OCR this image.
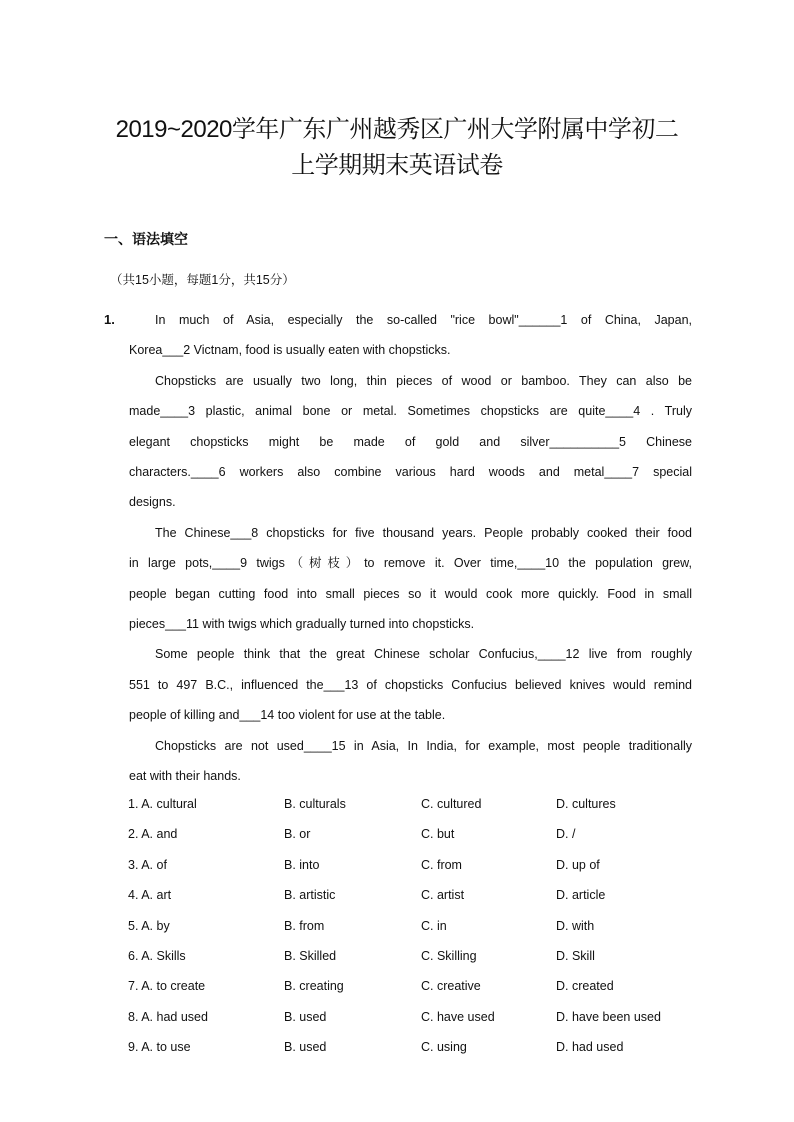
2019~2020学年广东广州越秀区广州大学附属中学初二
上学期期末英语试卷
一、语法填空
（共15小题，每题1分，共15分）
1.	In much of Asia, especially the so-called "rice bowl"______1 of China, Japan,

Korea___2 Victnam, food is usually eaten with chopsticks.

Chopsticks are usually two long, thin pieces of wood or bamboo. They can also be

made____3 plastic, animal bone or metal. Sometimes chopsticks are quite____4 . Truly

elegant chopsticks might be made of gold and silver__________5 Chinese

characters.____6 workers also combine various hard woods and metal____7 special

designs.

The Chinese___8 chopsticks for five thousand years. People probably cooked their food

in large pots,____9 twigs（树枝）to remove it. Over time,____10 the population grew,

people began cutting food into small pieces so it would cook more quickly. Food in small

pieces___11 with twigs which gradually turned into chopsticks.

Some people think that the great Chinese scholar Confucius,____12 live from roughly

551 to 497 B.C., influenced the___13 of chopsticks Confucius believed knives would remind

people of killing and___14 too violent for use at the table.

Chopsticks are not used____15 in Asia, In India, for example, most people traditionally

eat with their hands.

1. A. cultural	B. culturals	C. cultured	D. cultures
2. A. and	B. or	C. but	D. /
3. A. of	B. into	C. from	D. up of
4. A. art	B. artistic	C. artist	D. article
5. A. by	B. from	C. in	D. with
6. A. Skills	B. Skilled	C. Skilling	D. Skill
7. A. to create	B. creating	C. creative	D. created
8. A. had used	B. used	C. have used	D. have been used
9. A. to use	B. used	C. using	D. had used
